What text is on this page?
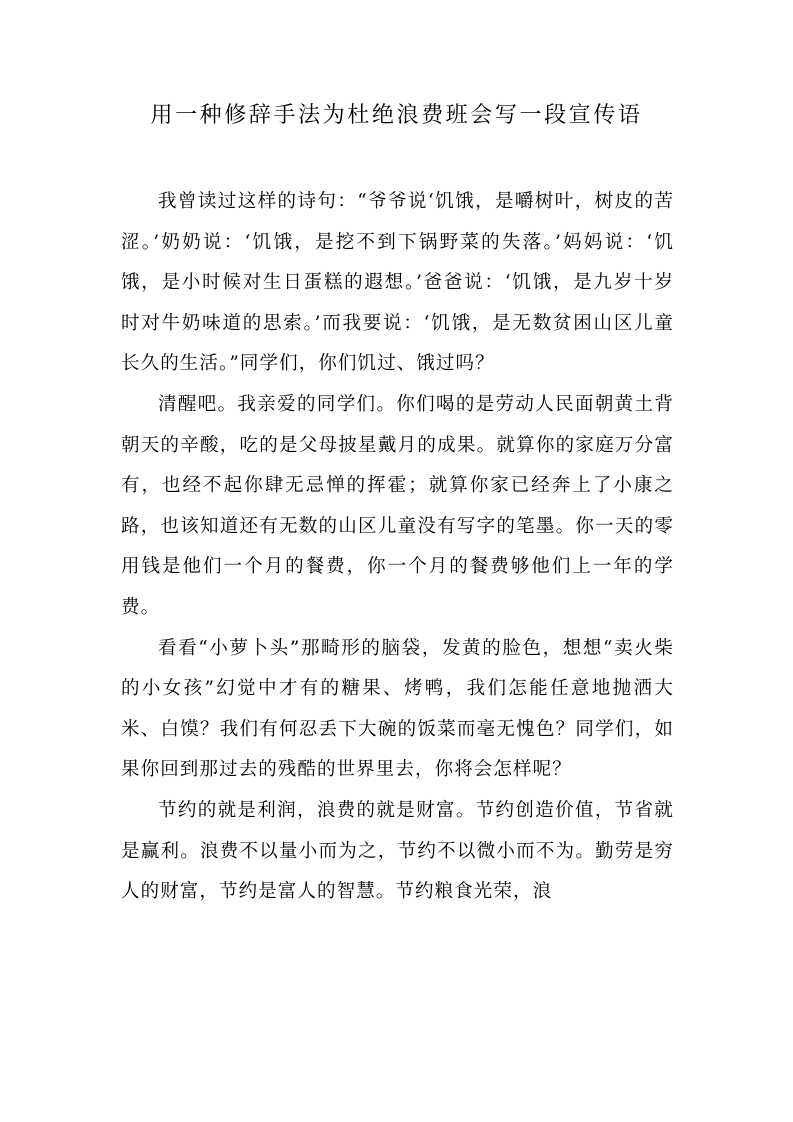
用一种修辞手法为杜绝浪费班会写一段宣传语

我曾读过这样的诗句：“爷爷说‘饥饿，是嚼树叶，树皮的苦涩。’奶奶说：‘饥饿，是挖不到下锅野菜的失落。’妈妈说：‘饥饿，是小时候对生日蛋糕的遐想。’爸爸说：‘饥饿，是九岁十岁时对牛奶味道的思索。’而我要说：‘饥饿，是无数贫困山区儿童长久的生活。”同学们，你们饥过、饿过吗？

清醒吧。我亲爱的同学们。你们喝的是劳动人民面朝黄土背朝天的辛酸，吃的是父母披星戴月的成果。就算你的家庭万分富有，也经不起你肆无忌惮的挥霍；就算你家已经奔上了小康之路，也该知道还有无数的山区儿童没有写字的笔墨。你一天的零用钱是他们一个月的餐费，你一个月的餐费够他们上一年的学费。

看看“小萝卜头”那畸形的脑袋，发黄的脸色，想想“卖火柴的小女孩”幻觉中才有的糖果、烤鸭，我们怎能任意地抛洒大米、白馍？我们有何忍丢下大碗的饭菜而毫无愧色？同学们，如果你回到那过去的残酷的世界里去，你将会怎样呢？

节约的就是利润，浪费的就是财富。节约创造价值，节省就是赢利。浪费不以量小而为之，节约不以微小而不为。勤劳是穷人的财富，节约是富人的智慧。节约粮食光荣，浪
